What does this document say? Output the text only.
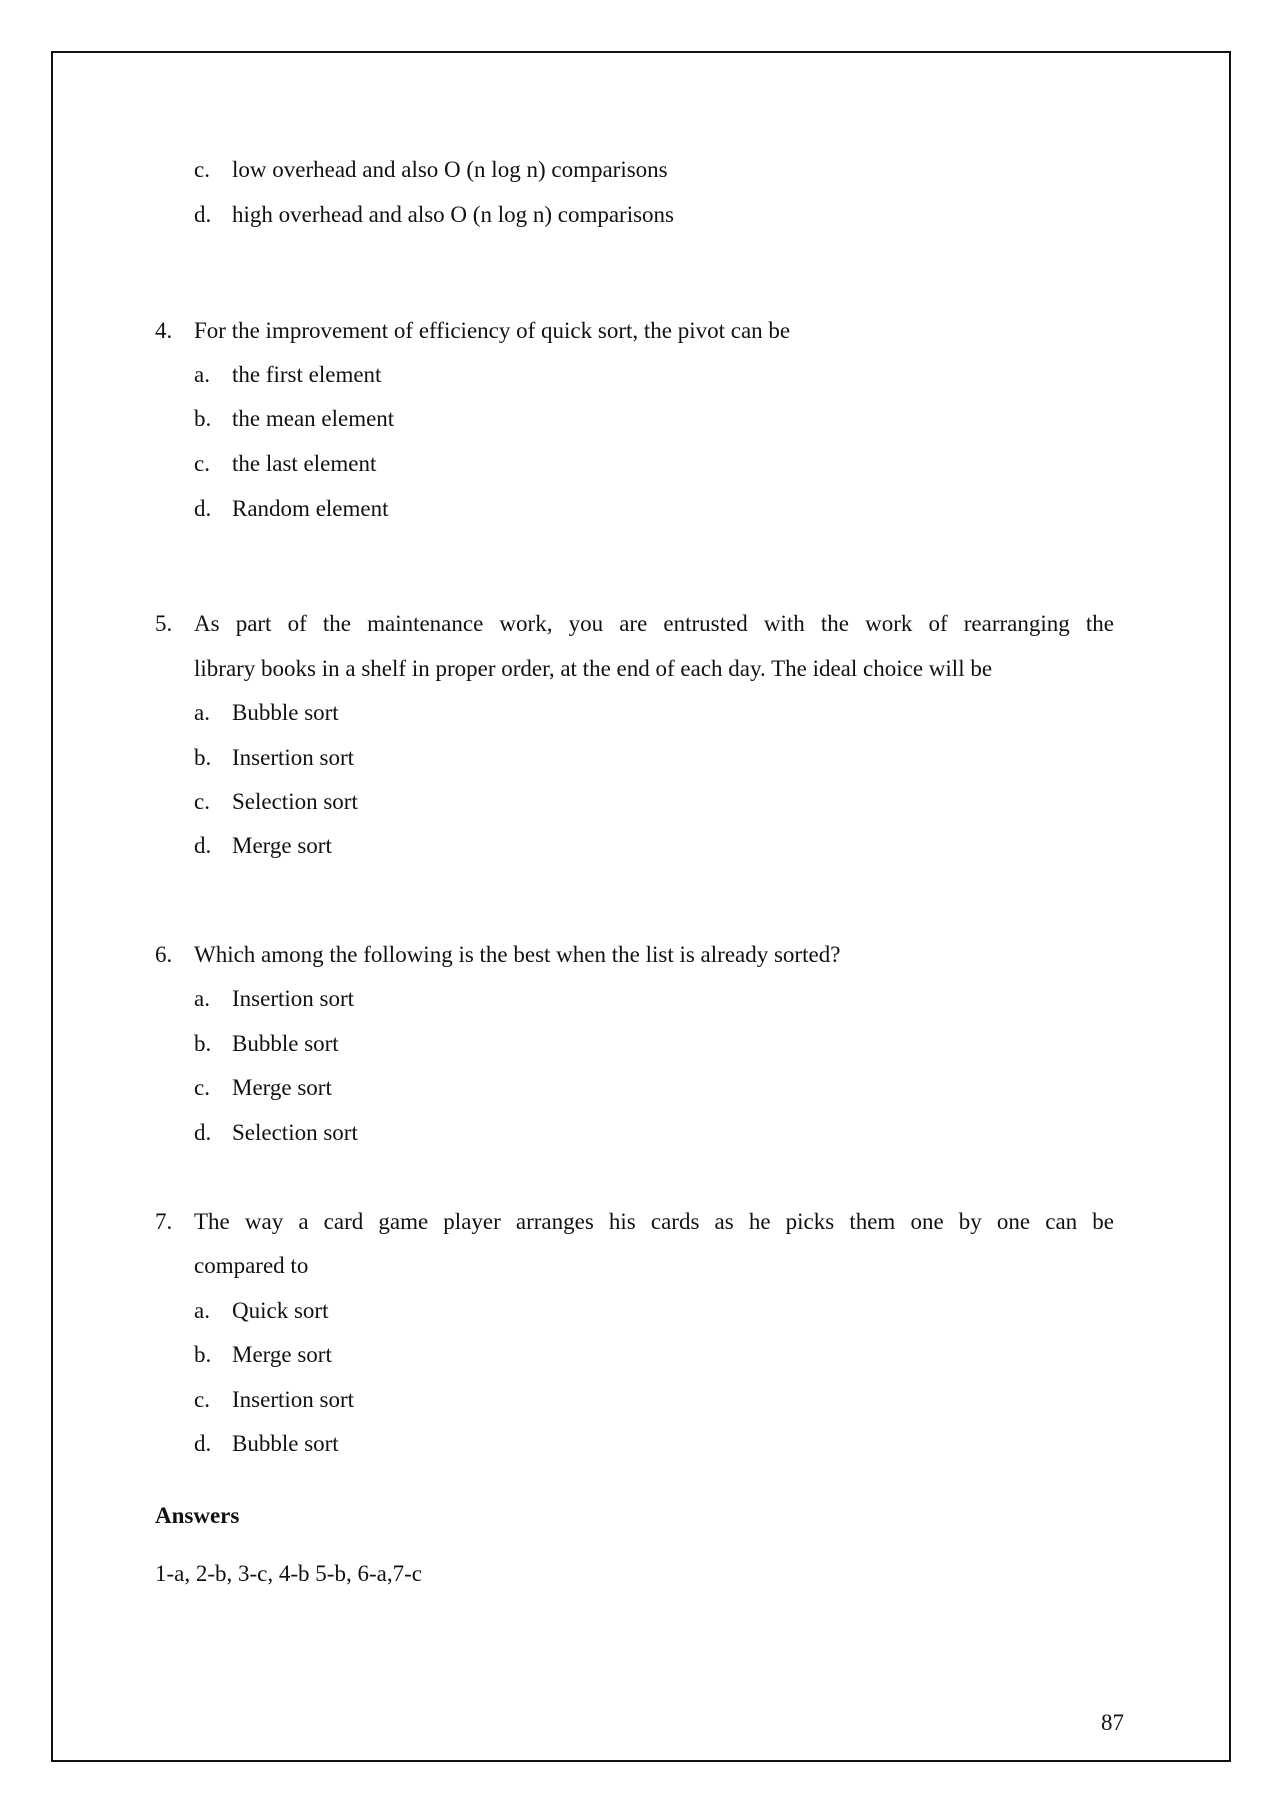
c. low overhead and also O (n log n) comparisons
d. high overhead and also O (n log n) comparisons
4. For the improvement of efficiency of quick sort, the pivot can be
a. the first element
b. the mean element
c. the last element
d. Random element
5. As part of the maintenance work, you are entrusted with the work of rearranging the
library books in a shelf in proper order, at the end of each day. The ideal choice will be
a. Bubble sort
b. Insertion sort
c. Selection sort
d. Merge sort
6. Which among the following is the best when the list is already sorted?
a. Insertion sort
b. Bubble sort
c. Merge sort
d. Selection sort
7. The way a card game player arranges his cards as he picks them one by one can be
compared to
a. Quick sort
b. Merge sort
c. Insertion sort
d. Bubble sort
Answers
1-a, 2-b, 3-c, 4-b 5-b, 6-a,7-c
87
